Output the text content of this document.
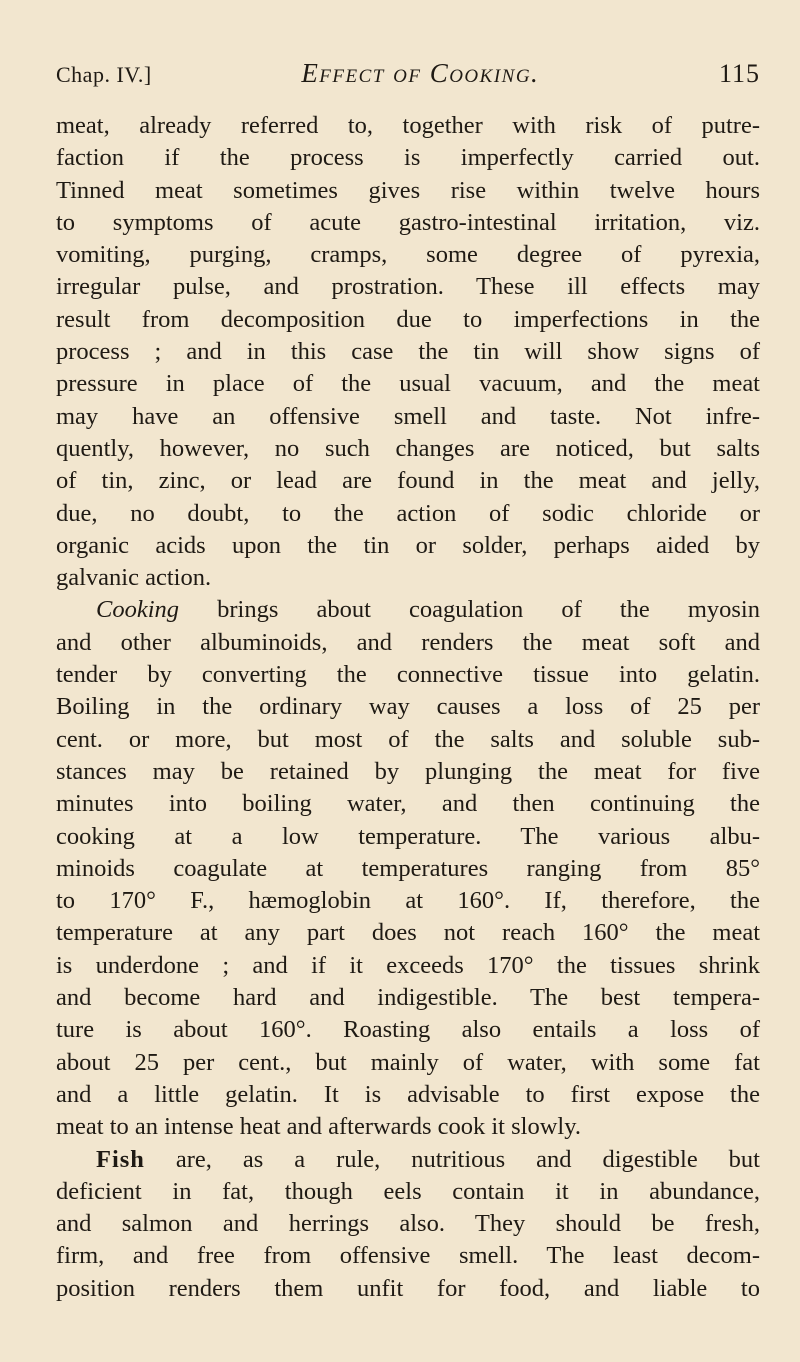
Chap. IV.]	Effect of Cooking.	115
meat, already referred to, together with risk of putre-
faction if the process is imperfectly carried out.
Tinned meat sometimes gives rise within twelve hours
to symptoms of acute gastro-intestinal irritation, viz.
vomiting, purging, cramps, some degree of pyrexia,
irregular pulse, and prostration. These ill effects may
result from decomposition due to imperfections in the
process ; and in this case the tin will show signs of
pressure in place of the usual vacuum, and the meat
may have an offensive smell and taste. Not infre-
quently, however, no such changes are noticed, but salts
of tin, zinc, or lead are found in the meat and jelly,
due, no doubt, to the action of sodic chloride or
organic acids upon the tin or solder, perhaps aided by
galvanic action.
Cooking brings about coagulation of the myosin
and other albuminoids, and renders the meat soft and
tender by converting the connective tissue into gelatin.
Boiling in the ordinary way causes a loss of 25 per
cent. or more, but most of the salts and soluble sub-
stances may be retained by plunging the meat for five
minutes into boiling water, and then continuing the
cooking at a low temperature. The various albu-
minoids coagulate at temperatures ranging from 85°
to 170° F., hæmoglobin at 160°. If, therefore, the
temperature at any part does not reach 160° the meat
is underdone ; and if it exceeds 170° the tissues shrink
and become hard and indigestible. The best tempera-
ture is about 160°. Roasting also entails a loss of
about 25 per cent., but mainly of water, with some fat
and a little gelatin. It is advisable to first expose the
meat to an intense heat and afterwards cook it slowly.
Fish are, as a rule, nutritious and digestible but
deficient in fat, though eels contain it in abundance,
and salmon and herrings also. They should be fresh,
firm, and free from offensive smell. The least decom-
position renders them unfit for food, and liable to
